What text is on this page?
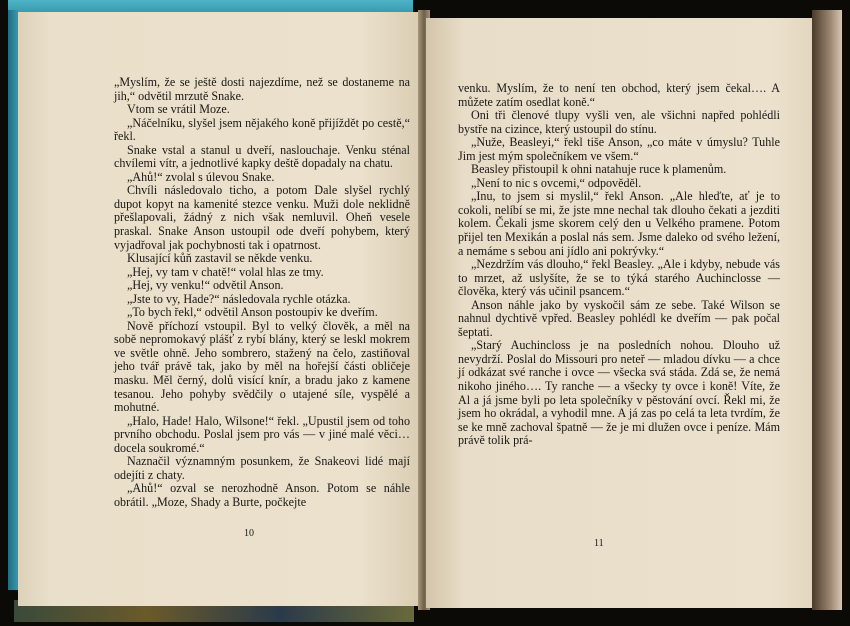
„Myslím, že se ještě dosti najezdíme, než se dostaneme na jih,“ odvětil mrzutě Snake.

Vtom se vrátil Moze.

„Náčelníku, slyšel jsem nějakého koně přijíždět po cestě,“ řekl.

Snake vstal a stanul u dveří, naslouchaje. Venku sténal chvílemi vítr, a jednotlivé kapky deště dopadaly na chatu.

„Ahů!“ zvolal s úlevou Snake.

Chvíli následovalo ticho, a potom Dale slyšel rychlý dupot kopyt na kamenité stezce venku. Muži dole neklidně přešlapovali, žádný z nich však nemluvil. Oheň vesele praskal. Snake Anson ustoupil ode dveří pohybem, který vyjadřoval jak pochybnosti tak i opatrnost.

Klusající kůň zastavil se někde venku.

„Hej, vy tam v chatě!“ volal hlas ze tmy.

„Hej, vy venku!“ odvětil Anson.

„Jste to vy, Hade?“ následovala rychle otázka.

„To bych řekl,“ odvětil Anson postoupiv ke dveřím.

Nově příchozí vstoupil. Byl to velký člověk, a měl na sobě nepromokavý plášť z rybí blány, který se leskl mokrem ve světle ohně. Jeho sombrero, stažený na čelo, zastiňoval jeho tvář právě tak, jako by měl na hořejší části obličeje masku. Měl černý, dolů visící knír, a bradu jako z kamene tesanou. Jeho pohyby svědčily o utajené síle, vyspělé a mohutné.

„Halo, Hade! Halo, Wilsone!“ řekl. „Upustil jsem od toho prvního obchodu. Poslal jsem pro vás — v jiné malé věci… docela soukromé.“

Naznačil významným posunkem, že Snakeovi lidé mají odejíti z chaty.

„Ahů!“ ozval se nerozhodně Anson. Potom se náhle obrátil. „Moze, Shady a Burte, počkejte

10

venku. Myslím, že to není ten obchod, který jsem čekal…. A můžete zatím osedlat koně.“

Oni tři členové tlupy vyšli ven, ale všichni napřed pohlédli bystře na cizince, který ustoupil do stínu.

„Nuže, Beasleyi,“ řekl tiše Anson, „co máte v úmyslu? Tuhle Jim jest mým společníkem ve všem.“

Beasley přistoupil k ohni natahuje ruce k plamenům.

„Není to nic s ovcemi,“ odpověděl.

„Inu, to jsem si myslil,“ řekl Anson. „Ale hleďte, ať je to cokoli, nelíbí se mi, že jste mne nechal tak dlouho čekati a jezditi kolem. Čekali jsme skorem celý den u Velkého pramene. Potom přijel ten Mexikán a poslal nás sem. Jsme daleko od svého ležení, a nemáme s sebou ani jídlo ani pokrývky.“

„Nezdržím vás dlouho,“ řekl Beasley. „Ale i kdyby, nebude vás to mrzet, až uslyšíte, že se to týká starého Auchinclosse — člověka, který vás učinil psancem.“

Anson náhle jako by vyskočil sám ze sebe. Také Wilson se nahnul dychtivě vpřed. Beasley pohlédl ke dveřím — pak počal šeptati.

„Starý Auchincloss je na posledních nohou. Dlouho už nevydrží. Poslal do Missouri pro neteř — mladou dívku — a chce jí odkázat své ranche i ovce — všecka svá stáda. Zdá se, že nemá nikoho jiného…. Ty ranche — a všecky ty ovce i koně! Víte, že Al a já jsme byli po leta společníky v pěstování ovcí. Řekl mi, že jsem ho okrádal, a vyhodil mne. A já zas po celá ta leta tvrdím, že se ke mně zachoval špatně — že je mi dlužen ovce i peníze. Mám právě tolik prá-

11
